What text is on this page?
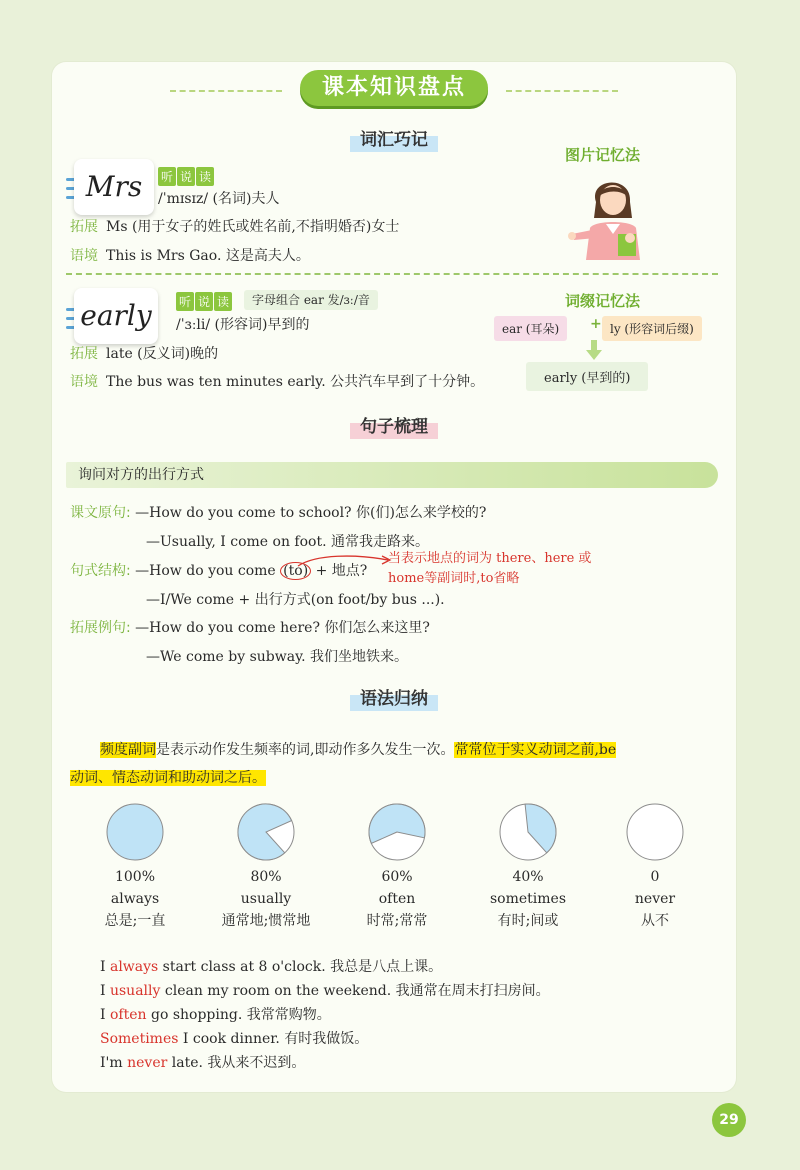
课本知识盘点
词汇巧记
Mrs	听 说 读
/ˈmɪsɪz/ (名词)夫人
拓展 Ms (用于女子的姓氏或姓名前,不指明婚否)女士
语境 This is Mrs Gao. 这是高夫人。
图片记忆法
early	听 说 读	字母组合 ear 发/ɜː/音
/ˈɜːli/ (形容词)早到的
拓展 late (反义词)晚的
语境 The bus was ten minutes early. 公共汽车早到了十分钟。
词缀记忆法
ear (耳朵)	+ ly (形容词后缀)
early (早到的)
句子梳理
询问对方的出行方式
课文原句: —How do you come to school? 你(们)怎么来学校的?
—Usually, I come on foot. 通常我走路来。
句式结构: —How do you come (to) + 地点?
当表示地点的词为 there、here 或
home等副词时,to省略
—I/We come + 出行方式(on foot/by bus ...).
拓展例句: —How do you come here? 你们怎么来这里?
—We come by subway. 我们坐地铁来。
语法归纳
频度副词是表示动作发生频率的词,即动作多久发生一次。常常位于实义动词之前,be
动词、情态动词和助动词之后。
100%
always
总是;一直
80%
usually
通常地;惯常地
60%
often
时常;常常
40%
sometimes
有时;间或
0
never
从不
I always start class at 8 o'clock. 我总是八点上课。
I usually clean my room on the weekend. 我通常在周末打扫房间。
I often go shopping. 我常常购物。
Sometimes I cook dinner. 有时我做饭。
I'm never late. 我从来不迟到。
29
